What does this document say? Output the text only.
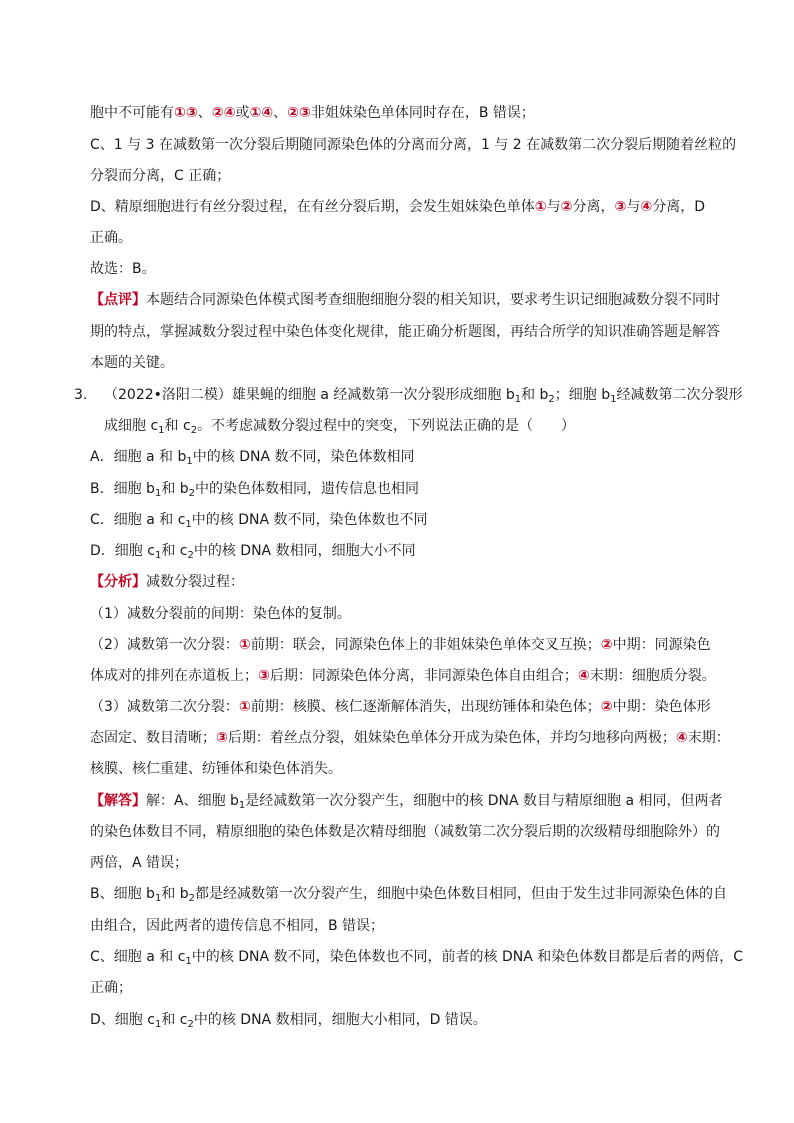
胞中不可能有①③、②④或①④、②③非姐妹染色单体同时存在，B 错误；
C、1 与 3 在减数第一次分裂后期随同源染色体的分离而分离，1 与 2 在减数第二次分裂后期随着丝粒的
分裂而分离，C 正确；
D、精原细胞进行有丝分裂过程，在有丝分裂后期，会发生姐妹染色单体①与②分离，③与④分离，D
正确。
故选：B。
【点评】本题结合同源染色体模式图考查细胞细胞分裂的相关知识，要求考生识记细胞减数分裂不同时
期的特点，掌握减数分裂过程中染色体变化规律，能正确分析题图，再结合所学的知识准确答题是解答
本题的关键。
3. （2022•洛阳二模）雄果蝇的细胞 a 经减数第一次分裂形成细胞 $b_1$和 $b_2$；细胞 $b_1$经减数第二次分裂形
成细胞 $c_1$和 $c_2$。不考虑减数分裂过程中的突变，下列说法正确的是（　　）
A．细胞 a 和 $b_1$中的核 DNA 数不同，染色体数相同
B．细胞 $b_1$和 $b_2$中的染色体数相同，遗传信息也相同
C．细胞 a 和 $c_1$中的核 DNA 数不同，染色体数也不同
D．细胞 $c_1$和 $c_2$中的核 DNA 数相同，细胞大小不同
【分析】减数分裂过程：
（1）减数分裂前的间期：染色体的复制。
（2）减数第一次分裂：①前期：联会，同源染色体上的非姐妹染色单体交叉互换；②中期：同源染色
体成对的排列在赤道板上；③后期：同源染色体分离，非同源染色体自由组合；④末期：细胞质分裂。
（3）减数第二次分裂：①前期：核膜、核仁逐渐解体消失，出现纺锤体和染色体；②中期：染色体形
态固定、数目清晰；③后期：着丝点分裂，姐妹染色单体分开成为染色体，并均匀地移向两极；④末期：
核膜、核仁重建、纺锤体和染色体消失。
【解答】解：A、细胞 $b_1$是经减数第一次分裂产生，细胞中的核 DNA 数目与精原细胞 a 相同，但两者
的染色体数目不同，精原细胞的染色体数是次精母细胞（减数第二次分裂后期的次级精母细胞除外）的
两倍，A 错误；
B、细胞 $b_1$和 $b_2$都是经减数第一次分裂产生，细胞中染色体数目相同，但由于发生过非同源染色体的自
由组合，因此两者的遗传信息不相同，B 错误；
C、细胞 a 和 $c_1$中的核 DNA 数不同，染色体数也不同，前者的核 DNA 和染色体数目都是后者的两倍，C
正确；
D、细胞 $c_1$和 $c_2$中的核 DNA 数相同，细胞大小相同，D 错误。
